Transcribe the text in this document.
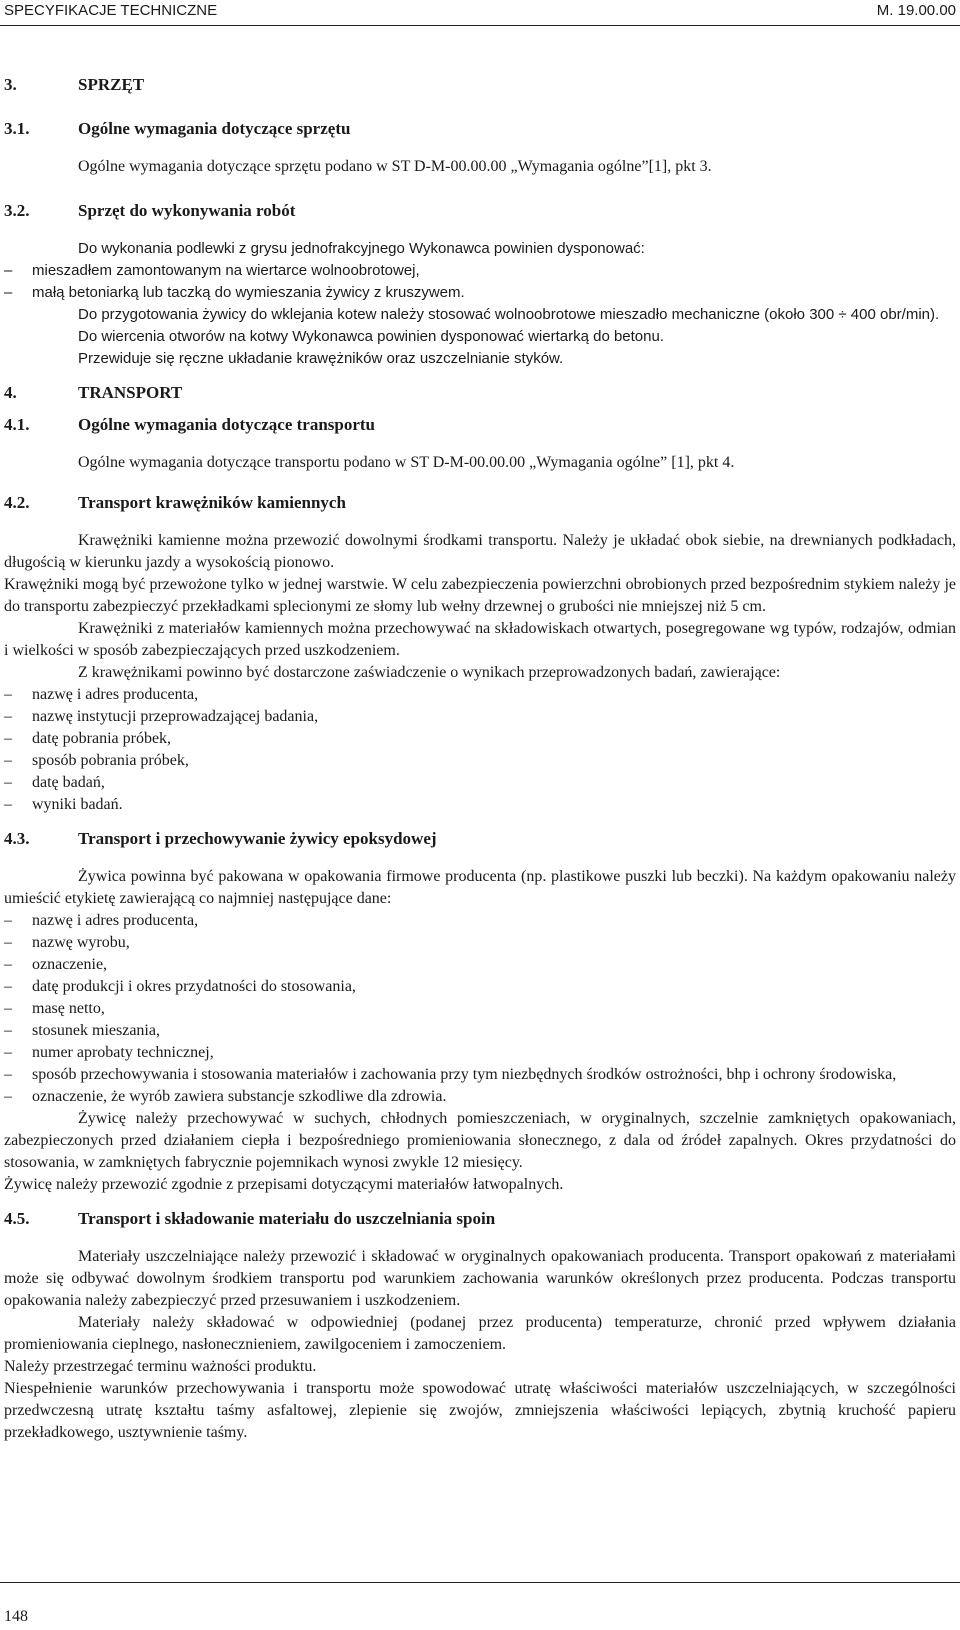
SPECYFIKACJE TECHNICZNE	M. 19.00.00
3.	SPRZĘT
3.1.	Ogólne wymagania dotyczące sprzętu

Ogólne wymagania dotyczące sprzętu podano w ST D-M-00.00.00 „Wymagania ogólne”[1], pkt 3.

3.2.	Sprzęt do wykonywania robót

Do wykonania podlewki z grysu jednofrakcyjnego Wykonawca powinien dysponować:

– mieszadłem zamontowanym na wiertarce wolnoobrotowej,
– małą betoniarką lub taczką do wymieszania żywicy z kruszywem.

Do przygotowania żywicy do wklejania kotew należy stosować wolnoobrotowe mieszadło mechaniczne (około 300 ÷ 400 obr/min).

Do wiercenia otworów na kotwy Wykonawca powinien dysponować wiertarką do betonu.

Przewiduje się ręczne układanie krawężników oraz uszczelnianie styków.

4.	TRANSPORT
4.1.	Ogólne wymagania dotyczące transportu

Ogólne wymagania dotyczące transportu podano w ST D-M-00.00.00 „Wymagania ogólne” [1], pkt 4.

4.2.	Transport krawężników kamiennych

Krawężniki kamienne można przewozić dowolnymi środkami transportu. Należy je układać obok siebie, na drewnianych podkładach, długością w kierunku jazdy a wysokością pionowo.

Krawężniki mogą być przewożone tylko w jednej warstwie. W celu zabezpieczenia powierzchni obrobionych przed bezpośrednim stykiem należy je do transportu zabezpieczyć przekładkami splecionymi ze słomy lub wełny drzewnej o grubości nie mniejszej niż 5 cm.

Krawężniki z materiałów kamiennych można przechowywać na składowiskach otwartych, posegregowane wg typów, rodzajów, odmian i wielkości w sposób zabezpieczających przed uszkodzeniem.

Z krawężnikami powinno być dostarczone zaświadczenie o wynikach przeprowadzonych badań, zawierające:

– nazwę i adres producenta,
– nazwę instytucji przeprowadzającej badania,
– datę pobrania próbek,
– sposób pobrania próbek,
– datę badań,
– wyniki badań.
4.3.	Transport i przechowywanie żywicy epoksydowej

Żywica powinna być pakowana w opakowania firmowe producenta (np. plastikowe puszki lub beczki). Na każdym opakowaniu należy umieścić etykietę zawierającą co najmniej następujące dane:

– nazwę i adres producenta,
– nazwę wyrobu,
– oznaczenie,
– datę produkcji i okres przydatności do stosowania,
– masę netto,
– stosunek mieszania,
– numer aprobaty technicznej,
– sposób przechowywania i stosowania materiałów i zachowania przy tym niezbędnych środków ostrożności, bhp i ochrony środowiska,
– oznaczenie, że wyrób zawiera substancje szkodliwe dla zdrowia.

Żywicę należy przechowywać w suchych, chłodnych pomieszczeniach, w oryginalnych, szczelnie zamkniętych opakowaniach, zabezpieczonych przed działaniem ciepła i bezpośredniego promieniowania słonecznego, z dala od źródeł zapalnych. Okres przydatności do stosowania, w zamkniętych fabrycznie pojemnikach wynosi zwykle 12 miesięcy.

Żywicę należy przewozić zgodnie z przepisami dotyczącymi materiałów łatwopalnych.

4.5.	Transport i składowanie materiału do uszczelniania spoin

Materiały uszczelniające należy przewozić i składować w oryginalnych opakowaniach producenta. Transport opakowań z materiałami może się odbywać dowolnym środkiem transportu pod warunkiem zachowania warunków określonych przez producenta. Podczas transportu opakowania należy zabezpieczyć przed przesuwaniem i uszkodzeniem.

Materiały należy składować w odpowiedniej (podanej przez producenta) temperaturze, chronić przed wpływem działania promieniowania cieplnego, nasłonecznieniem, zawilgoceniem i zamoczeniem.

Należy przestrzegać terminu ważności produktu.

Niespełnienie warunków przechowywania i transportu może spowodować utratę właściwości materiałów uszczelniających, w szczególności przedwczesną utratę kształtu taśmy asfaltowej, zlepienie się zwojów, zmniejszenia właściwości lepiących, zbytnią kruchość papieru przekładkowego, usztywnienie taśmy.

148
